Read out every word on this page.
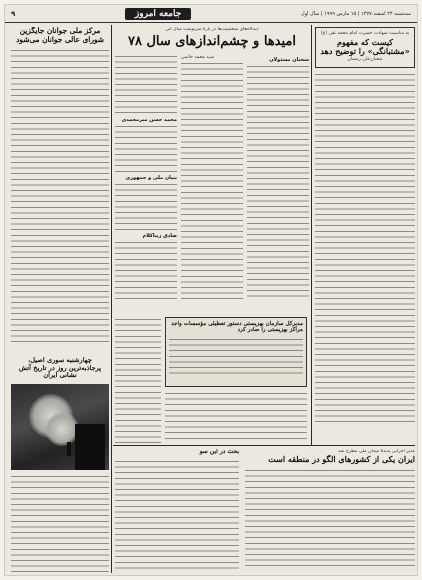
سه‌شنبه ۲۴ اسفند ۱۳۷۷ | ۱۵ مارس ۱۹۹۹ | سال اول
جامعه امروز
۹
به مناسبت شهادت حضرت امام محمد تقی (ع)
کیست که مفهوم «مشتبانگی» را توضیح دهد
شعبان‌علی رمضان
دیدگاه‌های شخصیت‌ها در بارهٔ سرنوشت سال آتی
امیدها و چشم‌اندازهای سال ۷۸
سخنان مسئولان
سید محمد خاتمی
محمد حسن میرمحمدی
بنیان ملی و جمهوری
صادق زیباکلام
مدیرکل سازمان بهزیستی دستور تعطیلی مؤسسات واجد مراکز بهزیستی را صادر کرد
مرکز ملی جوانان جایگزین شورای عالی جوانان می‌شود
چهارشنبه سوری اصیل، پرجاذبه‌ترین روز در تاریخ آتش نشانی ایران
مدیر اجرایی پدیدهٔ میدان ملی مطرح شد
ایران یکی از کشورهای الگو در منطقه است
بحث در این سو
